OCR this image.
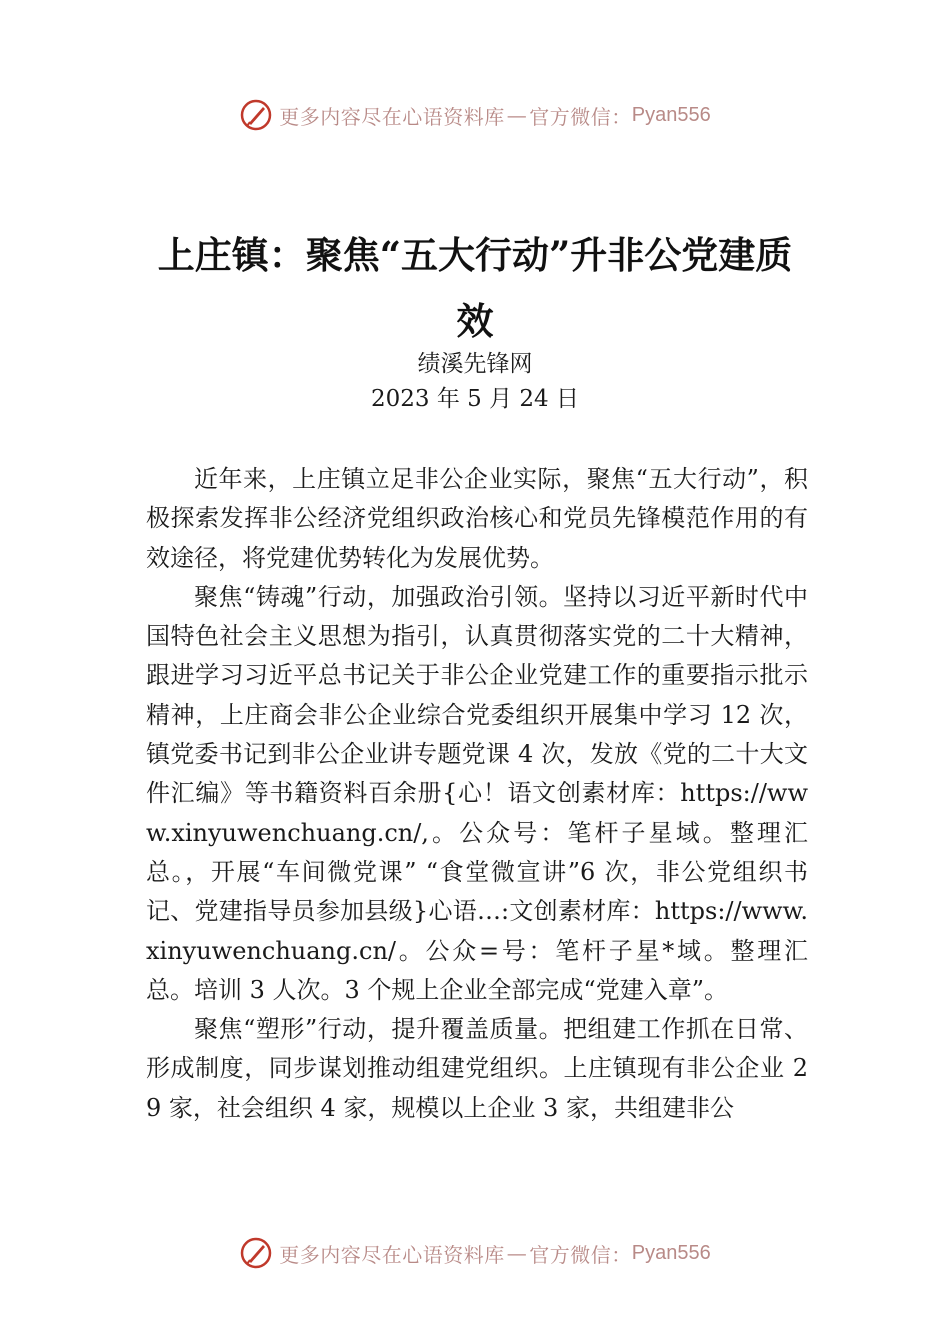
更多内容尽在心语资料库 — 官方微信： Pyan556
上庄镇：聚焦“五大行动”升非公党建质效
绩溪先锋网
2023 年 5 月 24 日

近年来，上庄镇立足非公企业实际，聚焦“五大行动”，积极探索发挥非公经济党组织政治核心和党员先锋模范作用的有效途径，将党建优势转化为发展优势。

聚焦“铸魂”行动，加强政治引领。坚持以习近平新时代中国特色社会主义思想为指引，认真贯彻落实党的二十大精神，跟进学习习近平总书记关于非公企业党建工作的重要指示批示精神，上庄商会非公企业综合党委组织开展集中学习 12 次，镇党委书记到非公企业讲专题党课 4 次，发放《党的二十大文件汇编》等书籍资料百余册{心！语文创素材库：https://www.xinyuwenchuang.cn/,。公众号：笔杆子星域。整理汇总。，开展“车间微党课” “食堂微宣讲”6 次，非公党组织书记、党建指导员参加县级}心语…:文创素材库：https://www.xinyuwenchuang.cn/。公众=号：笔杆子星*域。整理汇总。培训 3 人次。3 个规上企业全部完成“党建入章”。

聚焦“塑形”行动，提升覆盖质量。把组建工作抓在日常、形成制度，同步谋划推动组建党组织。上庄镇现有非公企业 29 家，社会组织 4 家，规模以上企业 3 家，共组建非公

更多内容尽在心语资料库 — 官方微信： Pyan556
